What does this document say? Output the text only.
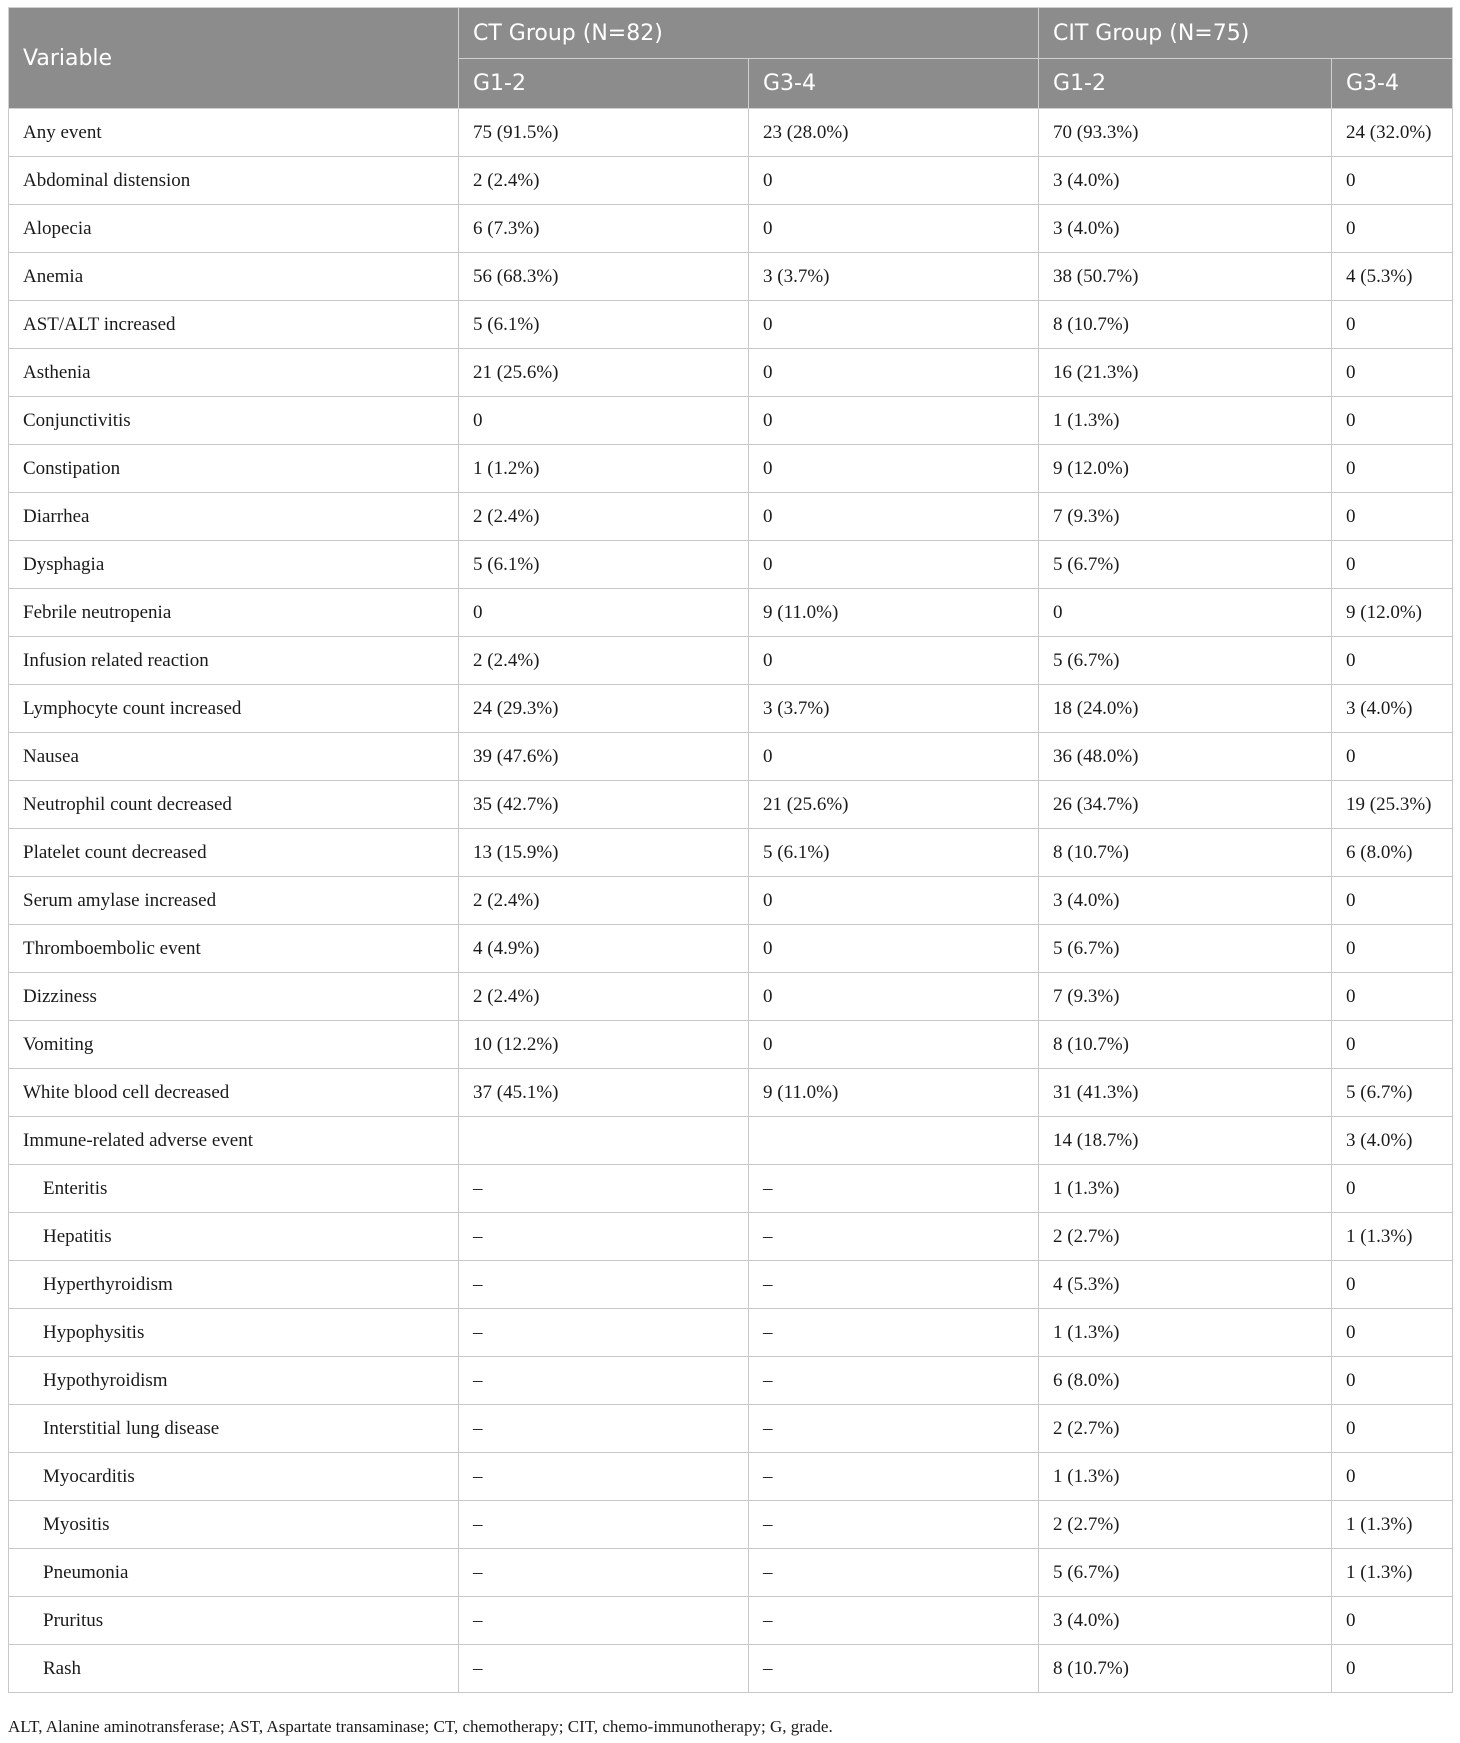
Variable	CT Group (N=82)		CIT Group (N=75)	
	G1-2	G3-4	G1-2	G3-4
Any event	75 (91.5%)	23 (28.0%)	70 (93.3%)	24 (32.0%)
Abdominal distension	2 (2.4%)	0	3 (4.0%)	0
Alopecia	6 (7.3%)	0	3 (4.0%)	0
Anemia	56 (68.3%)	3 (3.7%)	38 (50.7%)	4 (5.3%)
AST/ALT increased	5 (6.1%)	0	8 (10.7%)	0
Asthenia	21 (25.6%)	0	16 (21.3%)	0
Conjunctivitis	0	0	1 (1.3%)	0
Constipation	1 (1.2%)	0	9 (12.0%)	0
Diarrhea	2 (2.4%)	0	7 (9.3%)	0
Dysphagia	5 (6.1%)	0	5 (6.7%)	0
Febrile neutropenia	0	9 (11.0%)	0	9 (12.0%)
Infusion related reaction	2 (2.4%)	0	5 (6.7%)	0
Lymphocyte count increased	24 (29.3%)	3 (3.7%)	18 (24.0%)	3 (4.0%)
Nausea	39 (47.6%)	0	36 (48.0%)	0
Neutrophil count decreased	35 (42.7%)	21 (25.6%)	26 (34.7%)	19 (25.3%)
Platelet count decreased	13 (15.9%)	5 (6.1%)	8 (10.7%)	6 (8.0%)
Serum amylase increased	2 (2.4%)	0	3 (4.0%)	0
Thromboembolic event	4 (4.9%)	0	5 (6.7%)	0
Dizziness	2 (2.4%)	0	7 (9.3%)	0
Vomiting	10 (12.2%)	0	8 (10.7%)	0
White blood cell decreased	37 (45.1%)	9 (11.0%)	31 (41.3%)	5 (6.7%)
Immune-related adverse event			14 (18.7%)	3 (4.0%)
Enteritis	–	–	1 (1.3%)	0
Hepatitis	–	–	2 (2.7%)	1 (1.3%)
Hyperthyroidism	–	–	4 (5.3%)	0
Hypophysitis	–	–	1 (1.3%)	0
Hypothyroidism	–	–	6 (8.0%)	0
Interstitial lung disease	–	–	2 (2.7%)	0
Myocarditis	–	–	1 (1.3%)	0
Myositis	–	–	2 (2.7%)	1 (1.3%)
Pneumonia	–	–	5 (6.7%)	1 (1.3%)
Pruritus	–	–	3 (4.0%)	0
Rash	–	–	8 (10.7%)	0
ALT, Alanine aminotransferase; AST, Aspartate transaminase; CT, chemotherapy; CIT, chemo-immunotherapy; G, grade.
